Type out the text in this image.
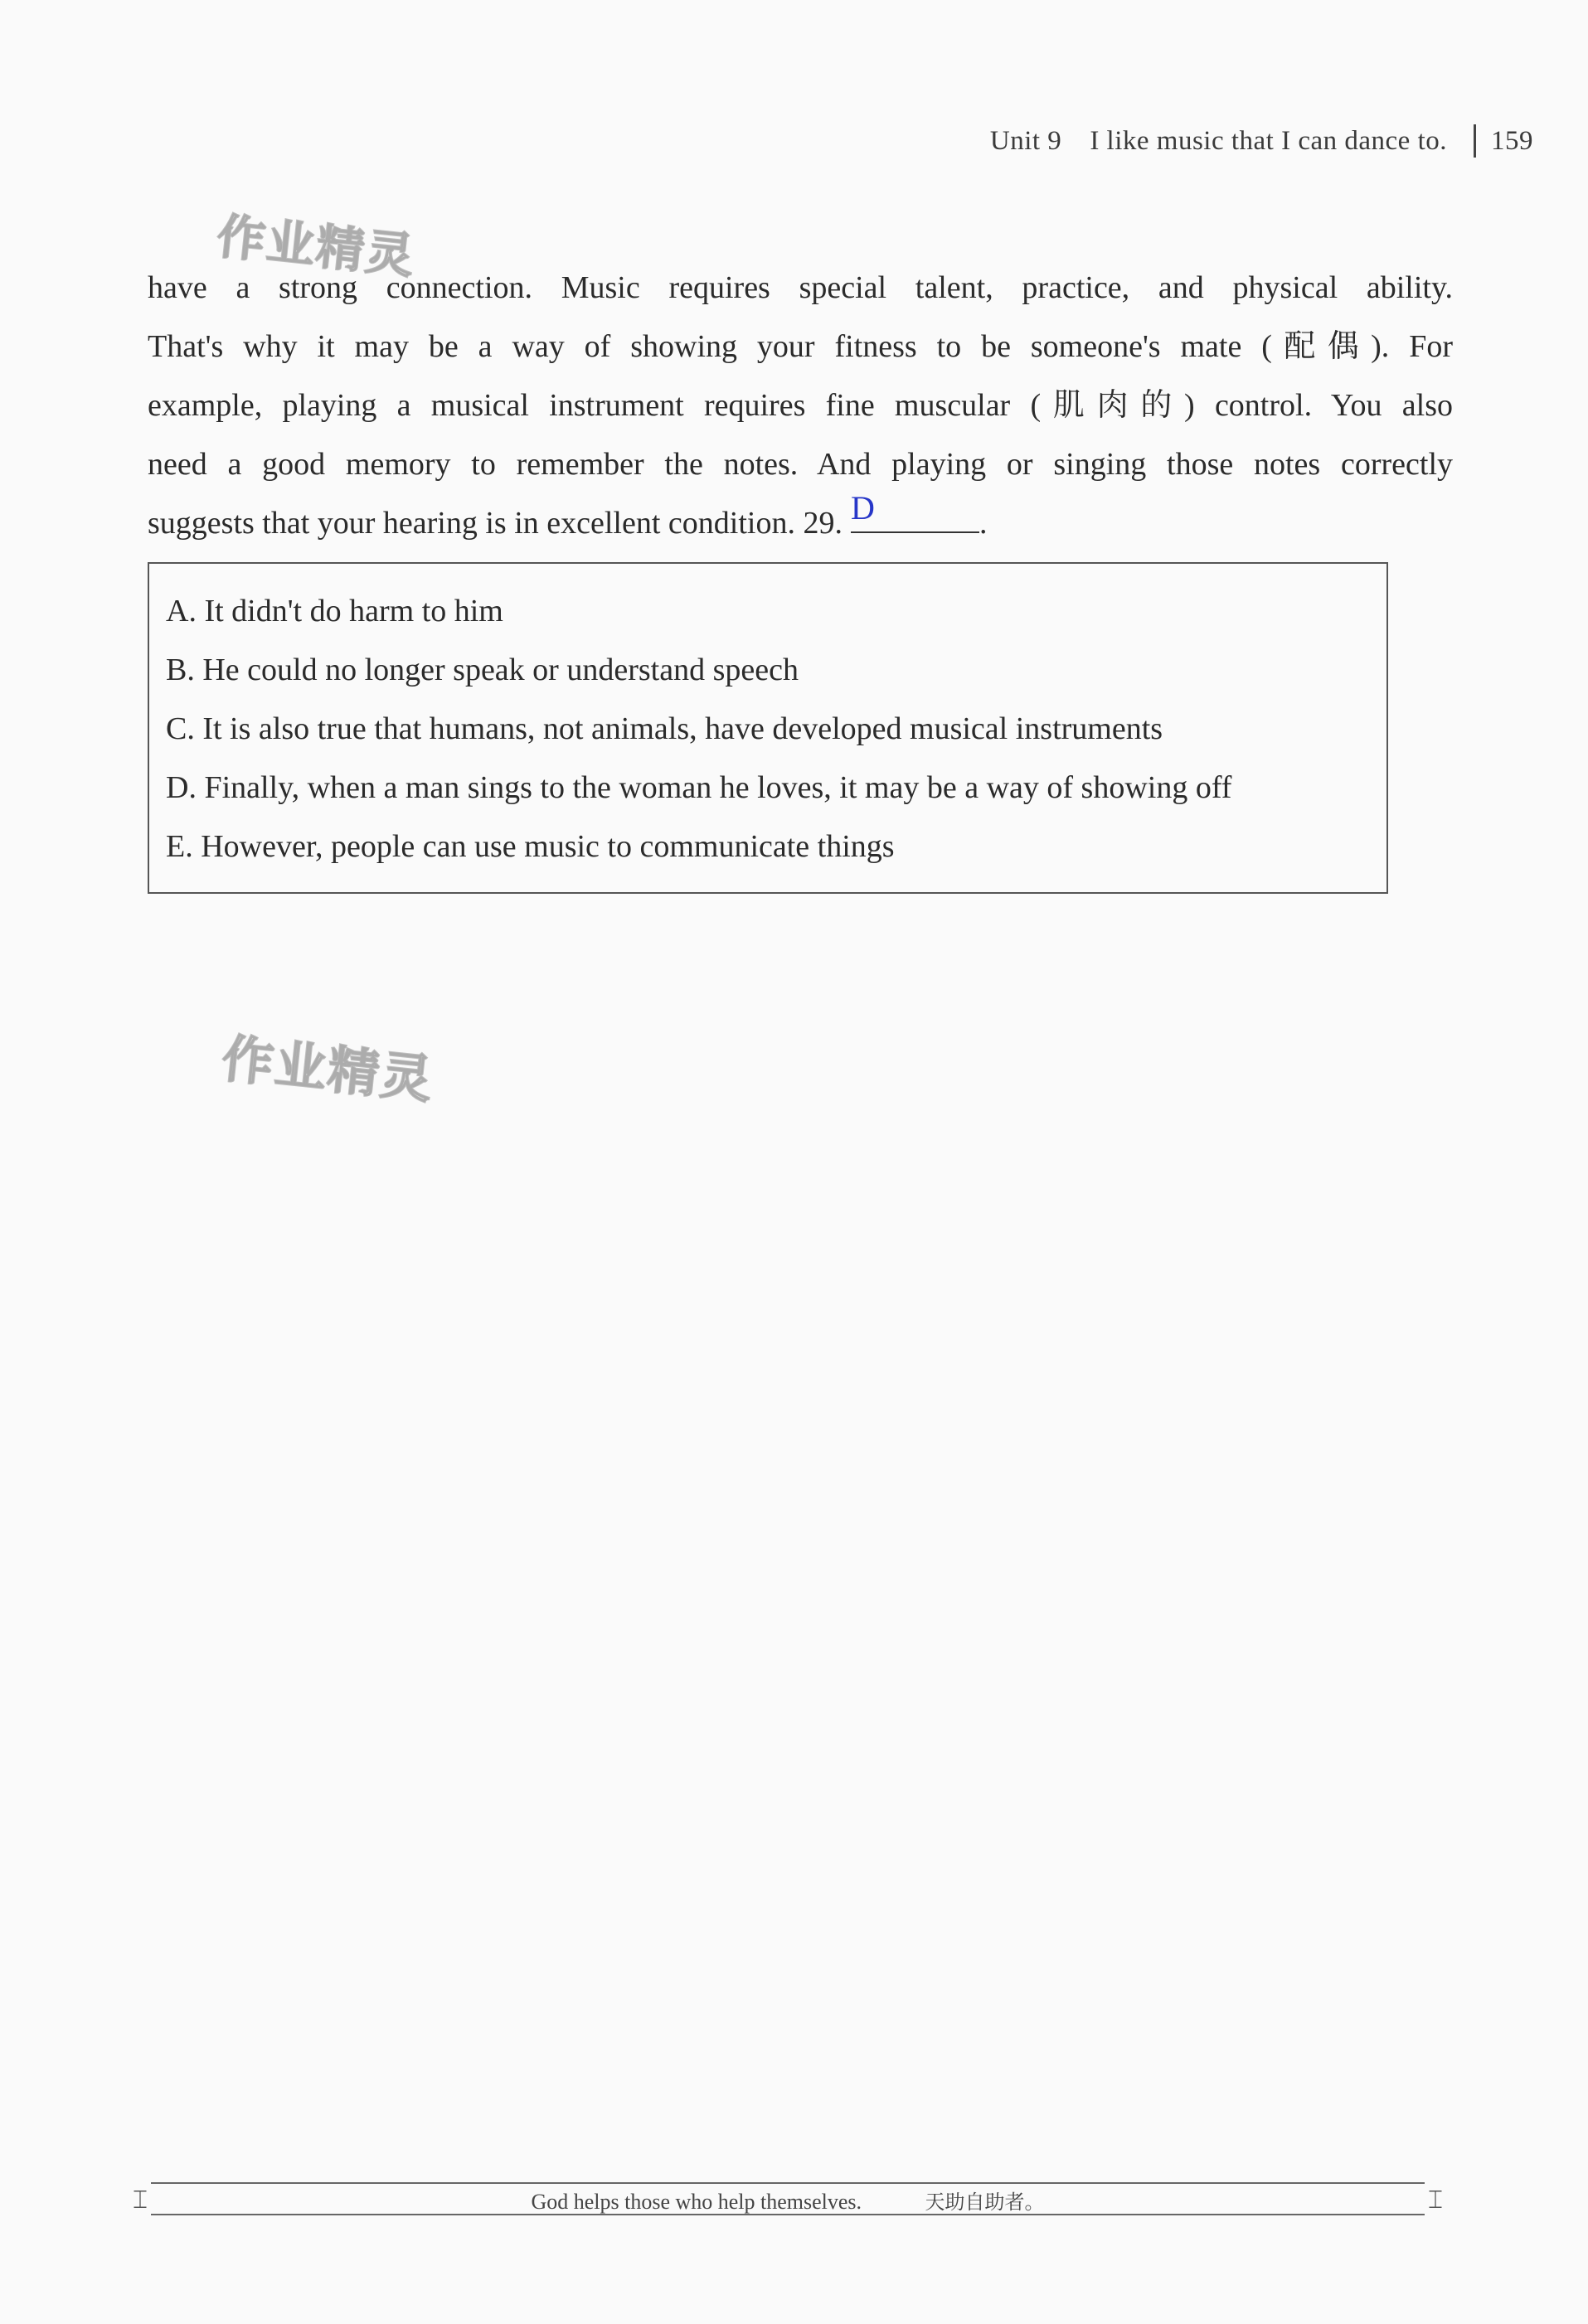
Unit 9 I like music that I can dance to. 159
作业精灵
作业精灵
have a strong connection. Music requires special talent, practice, and physical ability.
That's why it may be a way of showing your fitness to be someone's mate (配偶). For
example, playing a musical instrument requires fine muscular (肌肉的) control. You also
need a good memory to remember the notes. And playing or singing those notes correctly
suggests that your hearing is in excellent condition. 29. D	.
A. It didn't do harm to him
B. He could no longer speak or understand speech
C. It is also true that humans, not animals, have developed musical instruments
D. Finally, when a man sings to the woman he loves, it may be a way of showing off
E. However, people can use music to communicate things
⌶	⌶
God helps those who help themselves.	天助自助者。
